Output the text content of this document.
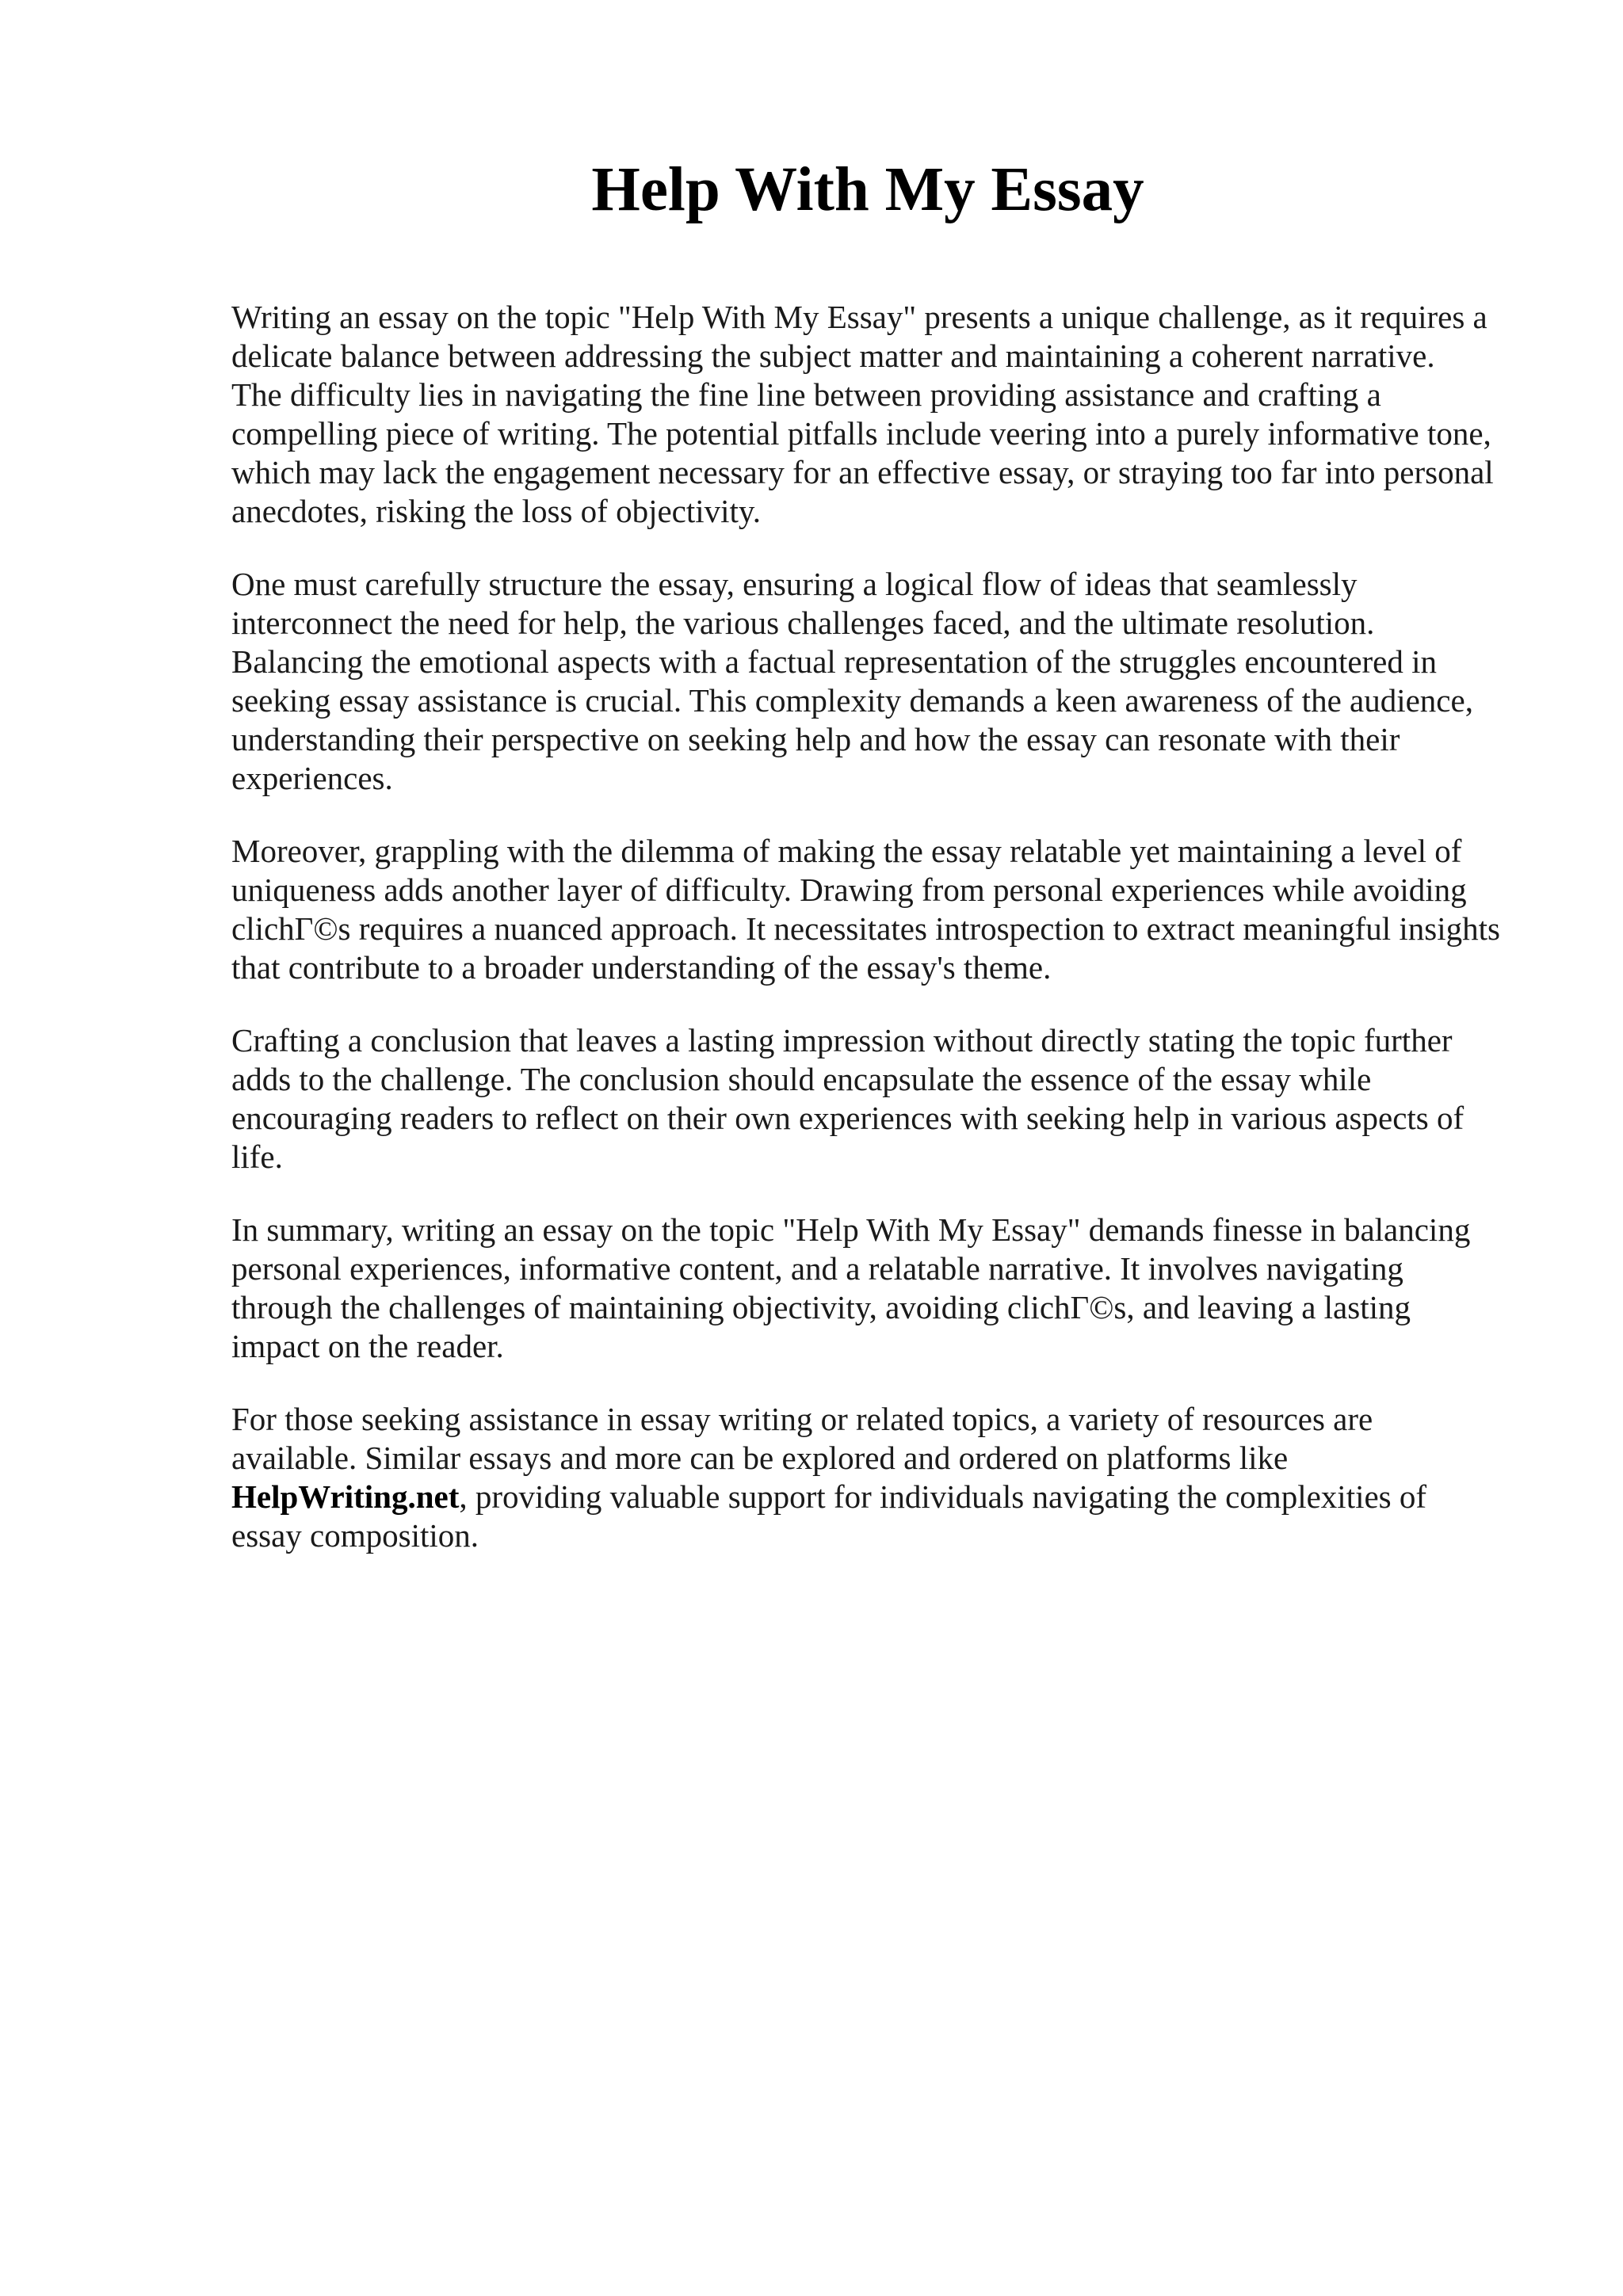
Help With My Essay

Writing an essay on the topic "Help With My Essay" presents a unique challenge, as it requires a
delicate balance between addressing the subject matter and maintaining a coherent narrative.
The difficulty lies in navigating the fine line between providing assistance and crafting a
compelling piece of writing. The potential pitfalls include veering into a purely informative tone,
which may lack the engagement necessary for an effective essay, or straying too far into personal
anecdotes, risking the loss of objectivity.

One must carefully structure the essay, ensuring a logical flow of ideas that seamlessly
interconnect the need for help, the various challenges faced, and the ultimate resolution.
Balancing the emotional aspects with a factual representation of the struggles encountered in
seeking essay assistance is crucial. This complexity demands a keen awareness of the audience,
understanding their perspective on seeking help and how the essay can resonate with their
experiences.

Moreover, grappling with the dilemma of making the essay relatable yet maintaining a level of
uniqueness adds another layer of difficulty. Drawing from personal experiences while avoiding
clichΓ©s requires a nuanced approach. It necessitates introspection to extract meaningful insights
that contribute to a broader understanding of the essay's theme.

Crafting a conclusion that leaves a lasting impression without directly stating the topic further
adds to the challenge. The conclusion should encapsulate the essence of the essay while
encouraging readers to reflect on their own experiences with seeking help in various aspects of
life.

In summary, writing an essay on the topic "Help With My Essay" demands finesse in balancing
personal experiences, informative content, and a relatable narrative. It involves navigating
through the challenges of maintaining objectivity, avoiding clichΓ©s, and leaving a lasting
impact on the reader.

For those seeking assistance in essay writing or related topics, a variety of resources are
available. Similar essays and more can be explored and ordered on platforms like
HelpWriting.net, providing valuable support for individuals navigating the complexities of
essay composition.
